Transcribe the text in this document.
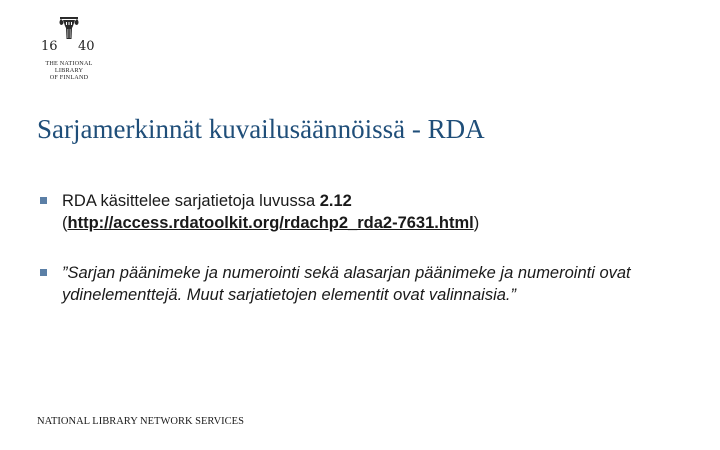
16 40
THE NATIONAL
LIBRARY
OF FINLAND
Sarjamerkinnät kuvailusäännöissä - RDA
RDA käsittelee sarjatietoja luvussa 2.12
(http://access.rdatoolkit.org/rdachp2_rda2-7631.html)
”Sarjan päänimeke ja numerointi sekä alasarjan päänimeke ja numerointi ovat ydinelementtejä. Muut sarjatietojen elementit ovat valinnaisia.”
NATIONAL LIBRARY NETWORK SERVICES
